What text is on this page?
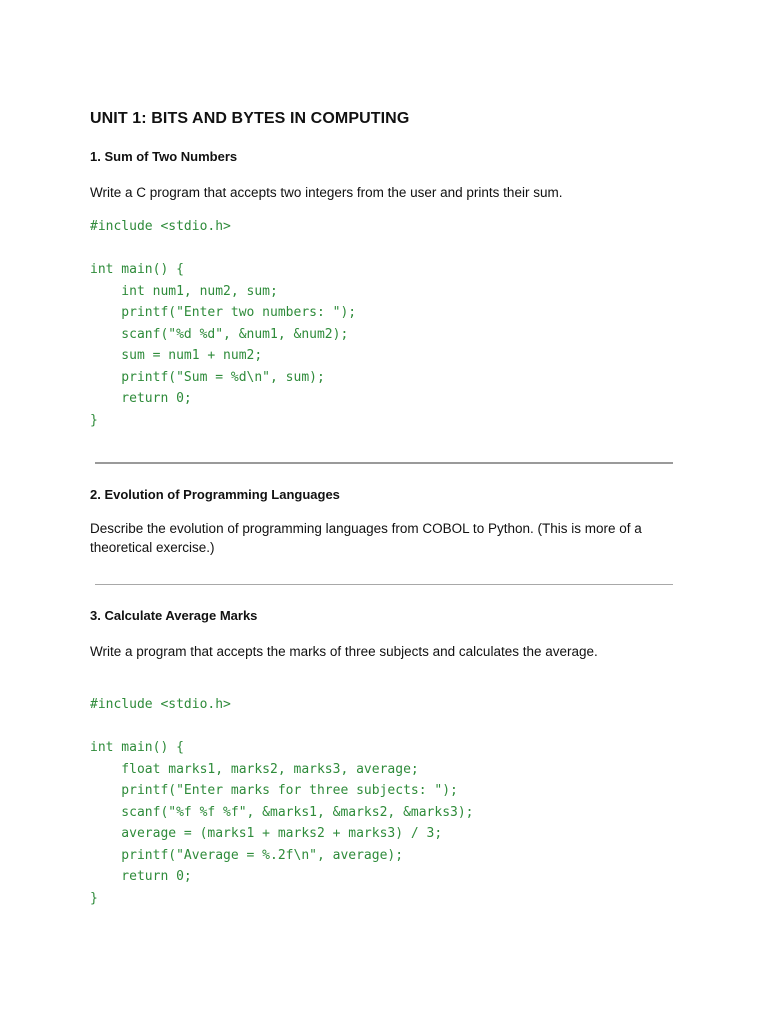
UNIT 1: BITS AND BYTES IN COMPUTING
1. Sum of Two Numbers
Write a C program that accepts two integers from the user and prints their sum.
#include <stdio.h>
int main() {
int num1, num2, sum;
printf("Enter two numbers: ");
scanf("%d %d", &num1, &num2);
sum = num1 + num2;
printf("Sum = %d\n", sum);
return 0;
}
2. Evolution of Programming Languages
Describe the evolution of programming languages from COBOL to Python. (This is more of a theoretical exercise.)
3. Calculate Average Marks
Write a program that accepts the marks of three subjects and calculates the average.
#include <stdio.h>
int main() {
float marks1, marks2, marks3, average;
printf("Enter marks for three subjects: ");
scanf("%f %f %f", &marks1, &marks2, &marks3);
average = (marks1 + marks2 + marks3) / 3;
printf("Average = %.2f\n", average);
return 0;
}
